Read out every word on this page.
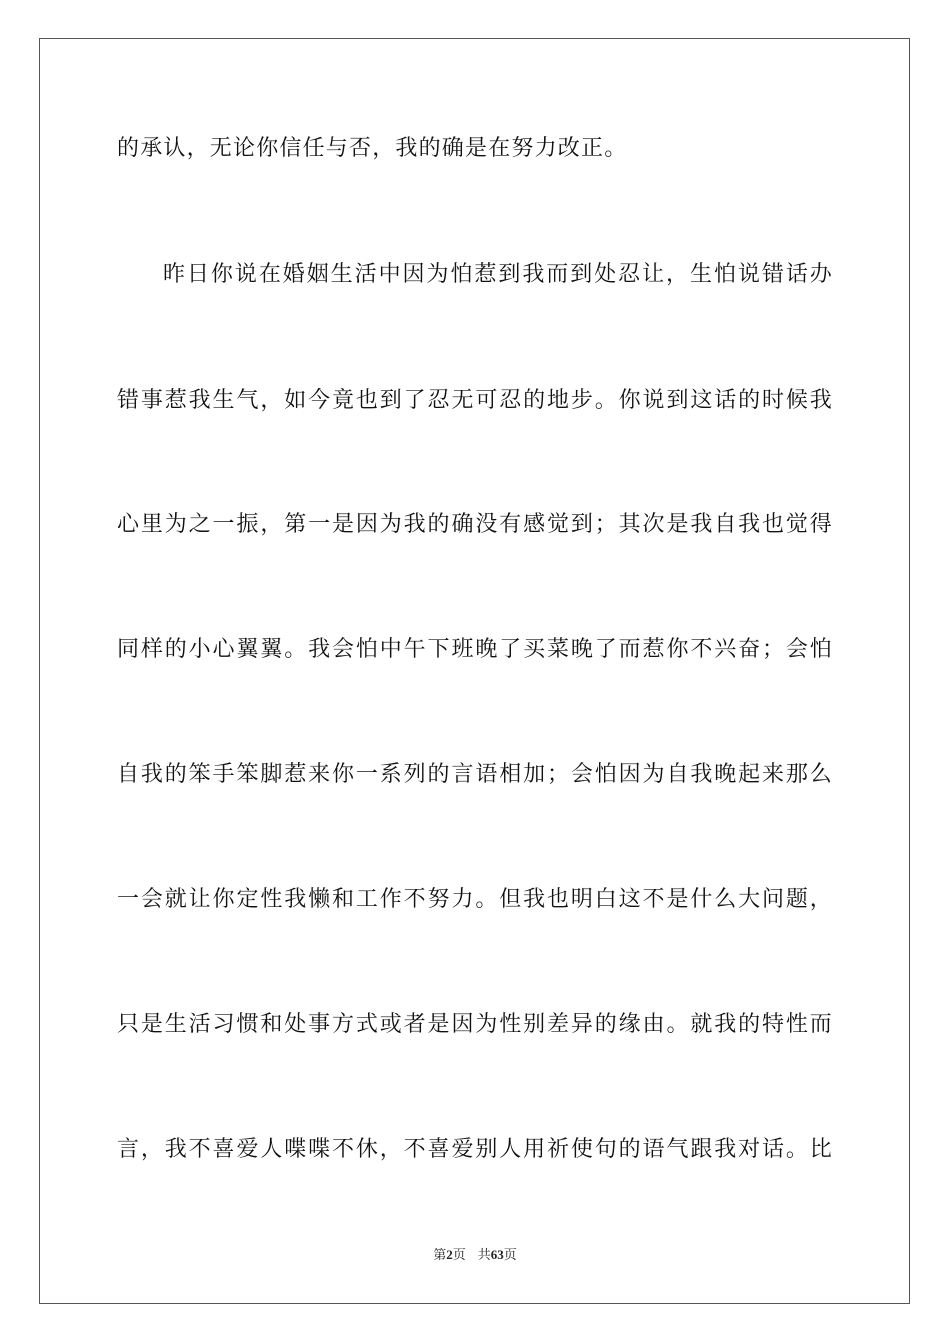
的承认，无论你信任与否，我的确是在努力改正。
昨日你说在婚姻生活中因为怕惹到我而到处忍让，生怕说错话办
错事惹我生气，如今竟也到了忍无可忍的地步。你说到这话的时候我
心里为之一振，第一是因为我的确没有感觉到；其次是我自我也觉得
同样的小心翼翼。我会怕中午下班晚了买菜晚了而惹你不兴奋；会怕
自我的笨手笨脚惹来你一系列的言语相加；会怕因为自我晚起来那么
一会就让你定性我懒和工作不努力。但我也明白这不是什么大问题，
只是生活习惯和处事方式或者是因为性别差异的缘由。就我的特性而
言，我不喜爱人喋喋不休，不喜爱别人用祈使句的语气跟我对话。比
第2页 共63页
